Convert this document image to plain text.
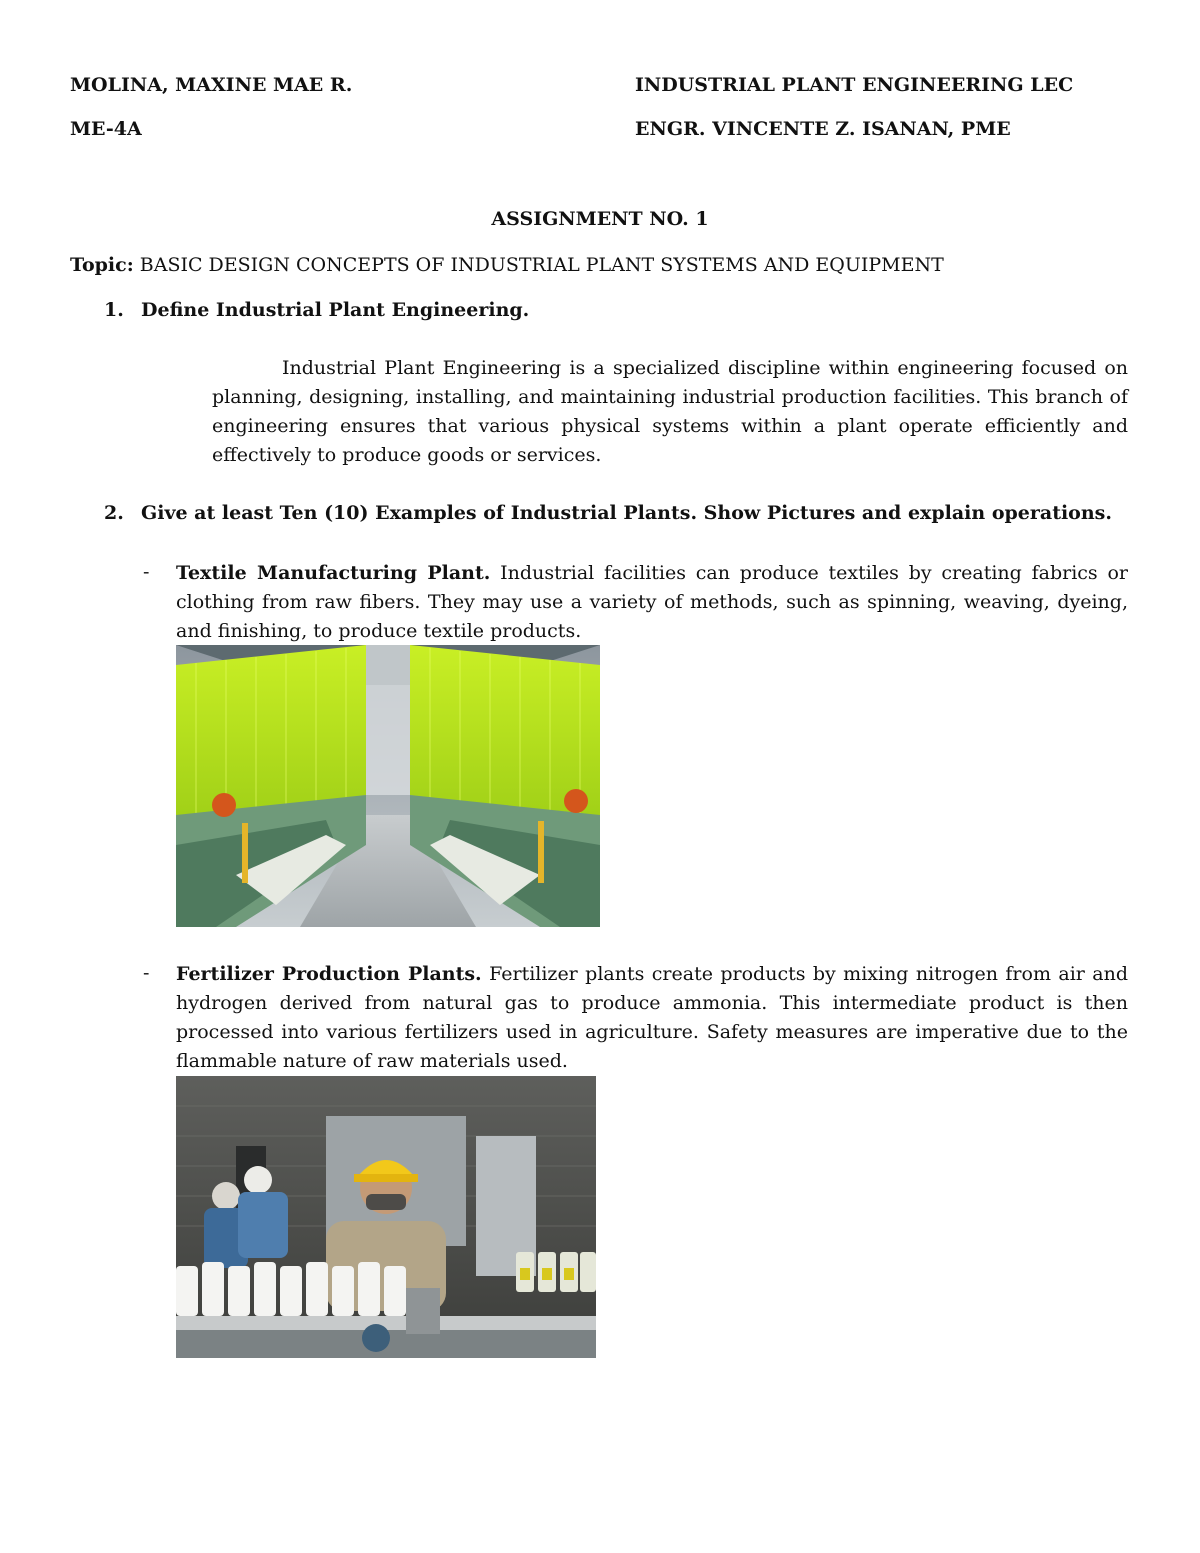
MOLINA, MAXINE MAE R.
ME-4A
INDUSTRIAL PLANT ENGINEERING LEC
ENGR. VINCENTE Z. ISANAN, PME
ASSIGNMENT NO. 1
Topic: BASIC DESIGN CONCEPTS OF INDUSTRIAL PLANT SYSTEMS AND EQUIPMENT
1. Define Industrial Plant Engineering.
Industrial Plant Engineering is a specialized discipline within engineering focused on planning, designing, installing, and maintaining industrial production facilities. This branch of engineering ensures that various physical systems within a plant operate efficiently and effectively to produce goods or services.
2. Give at least Ten (10) Examples of Industrial Plants. Show Pictures and explain operations.
- Textile Manufacturing Plant. Industrial facilities can produce textiles by creating fabrics or clothing from raw fibers. They may use a variety of methods, such as spinning, weaving, dyeing, and finishing, to produce textile products.
- Fertilizer Production Plants. Fertilizer plants create products by mixing nitrogen from air and hydrogen derived from natural gas to produce ammonia. This intermediate product is then processed into various fertilizers used in agriculture. Safety measures are imperative due to the flammable nature of raw materials used.
